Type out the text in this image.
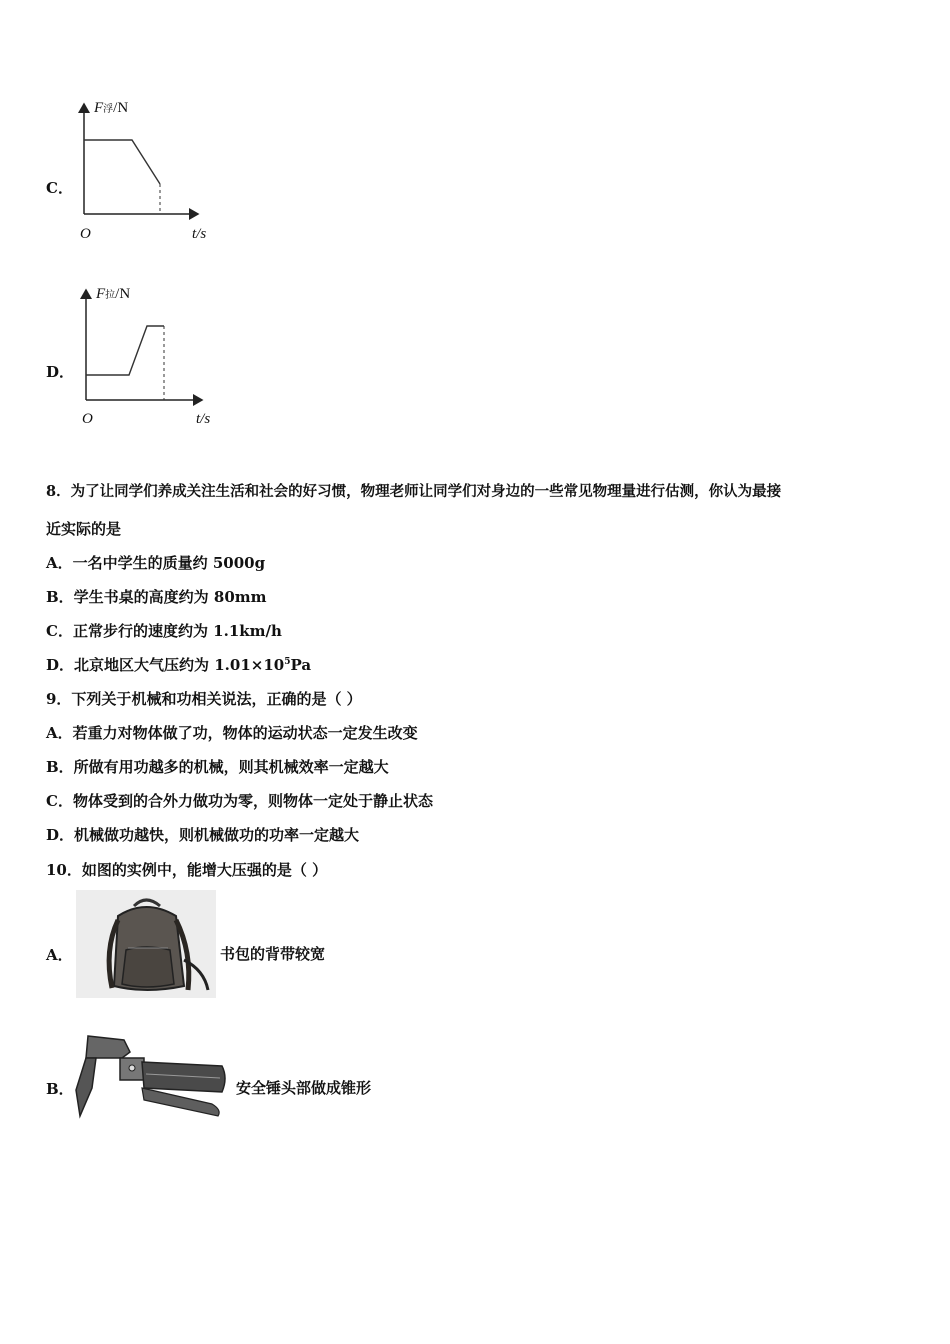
C．
F浮/N
O	t/s
D．
F拉/N
O	t/s
8．为了让同学们养成关注生活和社会的好习惯，物理老师让同学们对身边的一些常见物理量进行估测，你认为最接
近实际的是
A．一名中学生的质量约 5000g
B．学生书桌的高度约为 80mm
C．正常步行的速度约为 1.1km/h
D．北京地区大气压约为 $1.01\times 10^5Pa$
9．下列关于机械和功相关说法，正确的是（ ）
A．若重力对物体做了功，物体的运动状态一定发生改变
B．所做有用功越多的机械，则其机械效率一定越大
C．物体受到的合外力做功为零，则物体一定处于静止状态
D．机械做功越快，则机械做功的功率一定越大
10．如图的实例中，能增大压强的是（ ）
A．	书包的背带较宽
B．	安全锤头部做成锥形
